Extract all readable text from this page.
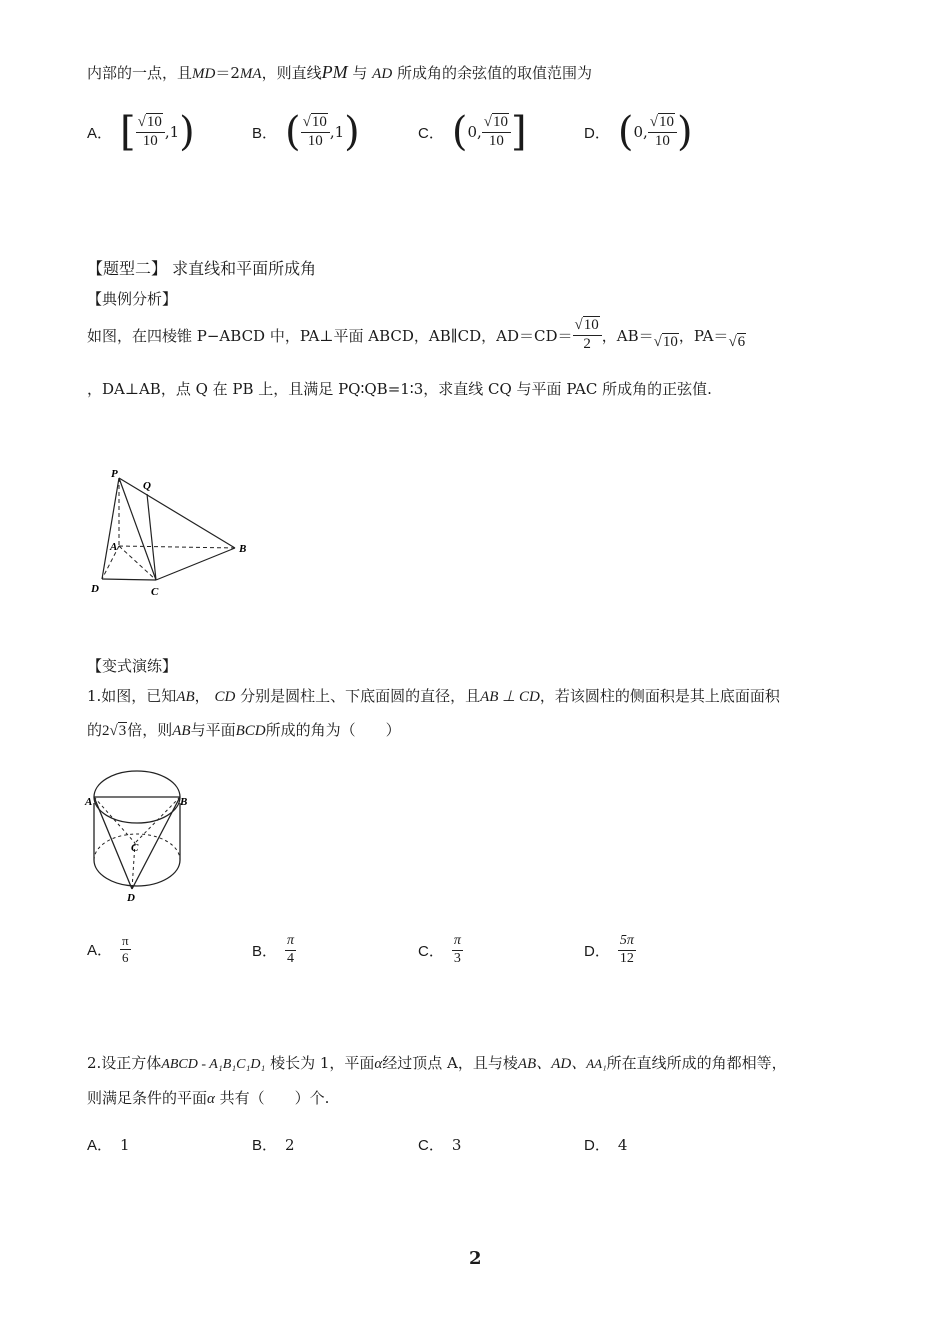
内部的一点，且MD＝2MA，则直线PM 与 AD 所成角的余弦值的取值范围为
A． [ $\frac{√10}{10} ,1$ )	B． ( $\frac{√10}{10} ,1$ )	C． ( 0, $\frac{√10}{10}$ ]	D． ( 0, $\frac{√10}{10}$ )
【题型二】 求直线和平面所成角
【典例分析】
如图，在四棱锥 P−ABCD 中，PA⊥平面 ABCD，AB∥CD，$AD=CD= \frac{√10}{2}$ ，AB＝ √10 ，PA＝ √6
，DA⊥AB，点 Q 在 PB 上，且满足 PQ∶QB=1∶3，求直线 CQ 与平面 PAC 所成角的正弦值.
P
Q
A	B
C
D
【变式演练】
1.如图，已知AB， CD 分别是圆柱上、下底面圆的直径，且AB ⊥ CD，若该圆柱的侧面积是其上底面面积
的2√3倍，则AB与平面BCD所成的角为（　　）
A	B
C
D
A． $\frac{\pi}{6}$	B． $\frac{\pi}{4}$	C． $\frac{\pi}{3}$	D． $\frac{5\pi}{12}$
2.设正方体ABCD - A₁B₁C₁D₁ 棱长为 1，平面α经过顶点 A，且与棱AB、AD、AA₁所在直线所成的角都相等，
则满足条件的平面α 共有（　　）个.
A． 1	B． 2	C． 3	D． 4
2
